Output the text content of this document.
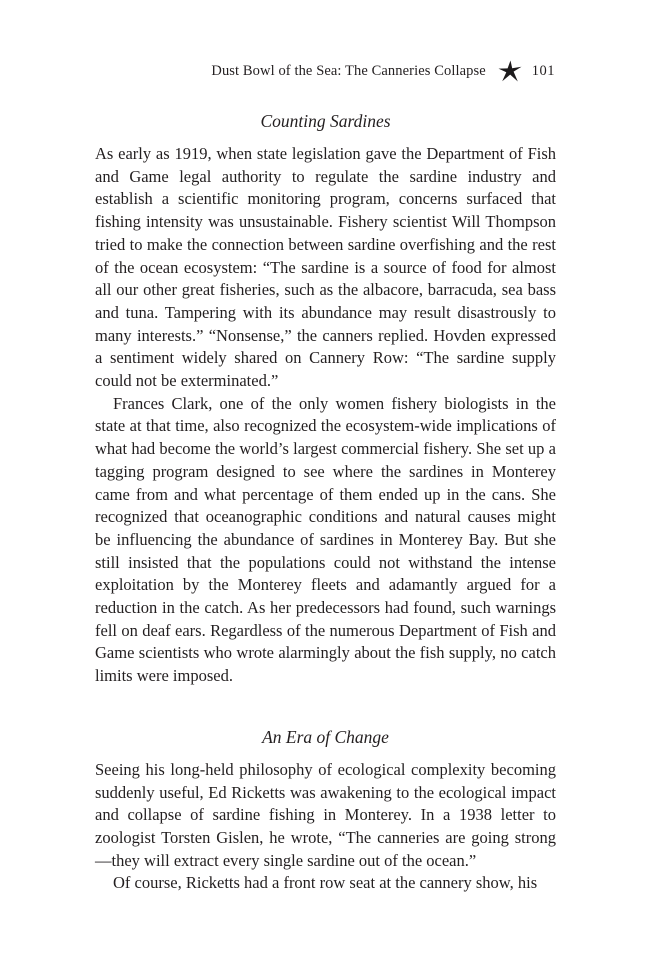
Dust Bowl of the Sea: The Canneries Collapse	101
Counting Sardines

As early as 1919, when state legislation gave the Department of Fish and Game legal authority to regulate the sardine industry and establish a scientific monitoring program, concerns surfaced that fishing intensity was unsustainable. Fishery scientist Will Thompson tried to make the connection between sardine overfishing and the rest of the ocean ecosystem: “The sardine is a source of food for almost all our other great fisheries, such as the albacore, barracuda, sea bass and tuna. Tampering with its abundance may result disastrously to many interests.” “Nonsense,” the canners replied. Hovden expressed a sentiment widely shared on Cannery Row: “The sardine supply could not be exterminated.”

Frances Clark, one of the only women fishery biologists in the state at that time, also recognized the ecosystem-wide implications of what had become the world’s largest commercial fishery. She set up a tagging program designed to see where the sardines in Monterey came from and what percentage of them ended up in the cans. She recognized that oceanographic conditions and natural causes might be influencing the abundance of sardines in Monterey Bay. But she still insisted that the populations could not withstand the intense exploitation by the Monterey fleets and adamantly argued for a reduction in the catch. As her predecessors had found, such warnings fell on deaf ears. Regardless of the numerous Department of Fish and Game scientists who wrote alarmingly about the fish supply, no catch limits were imposed.

An Era of Change

Seeing his long-held philosophy of ecological complexity becoming suddenly useful, Ed Ricketts was awakening to the ecological impact and collapse of sardine fishing in Monterey. In a 1938 letter to zoologist Torsten Gislen, he wrote, “The canneries are going strong—they will extract every single sardine out of the ocean.”

Of course, Ricketts had a front row seat at the cannery show, his
